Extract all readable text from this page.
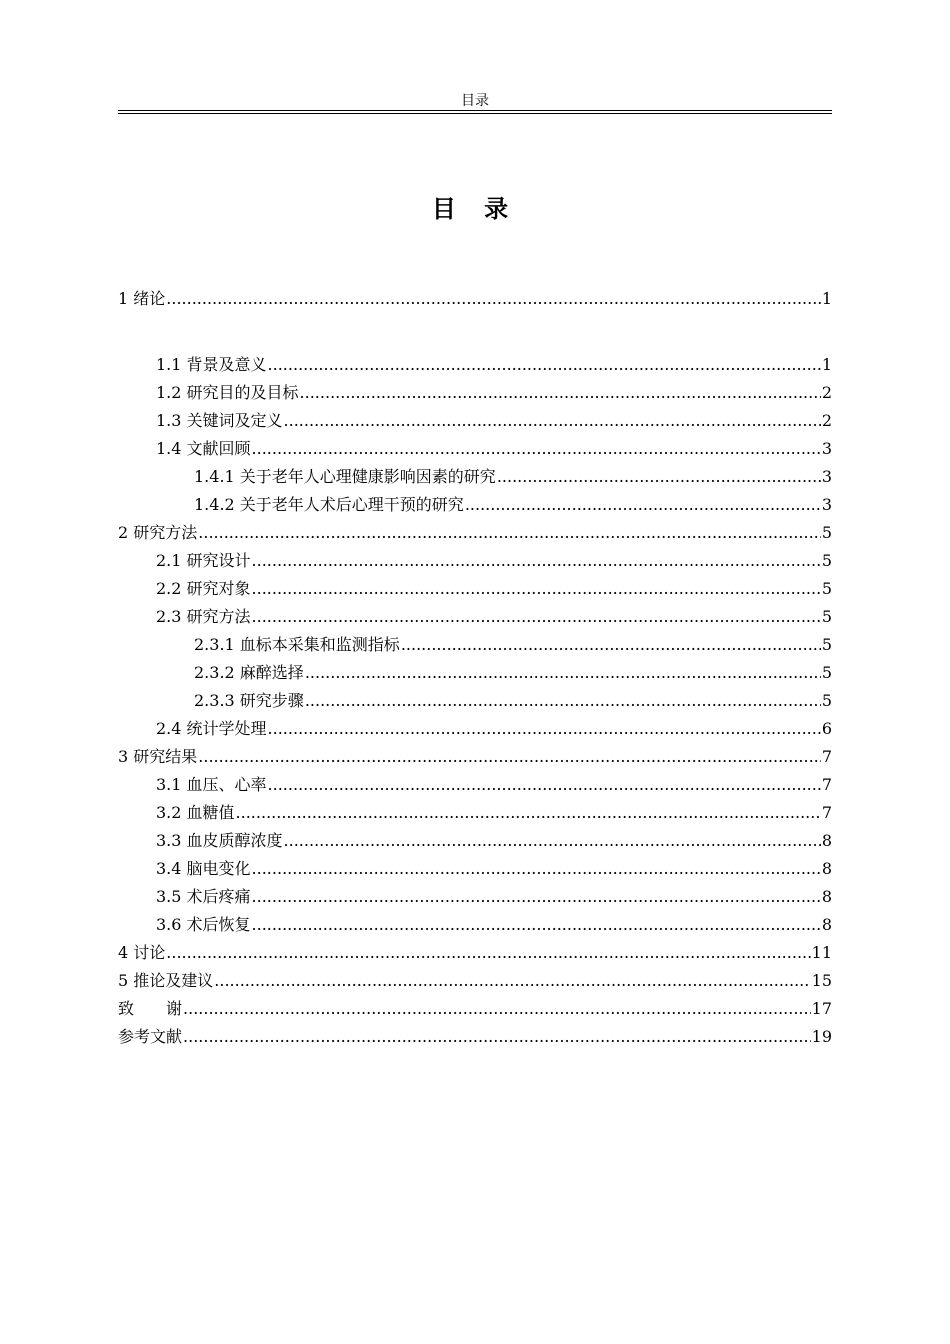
目录
目 录
1 绪论 .....	1
1.1 背景及意义 .....	1
1.2 研究目的及目标 .....	2
1.3 关键词及定义 .....	2
1.4 文献回顾 .....	3
1.4.1 关于老年人心理健康影响因素的研究 .....	3
1.4.2 关于老年人术后心理干预的研究 .....	3
2 研究方法 .....	5
2.1 研究设计 .....	5
2.2 研究对象 .....	5
2.3 研究方法 .....	5
2.3.1 血标本采集和监测指标 .....	5
2.3.2 麻醉选择 .....	5
2.3.3 研究步骤 .....	5
2.4 统计学处理 .....	6
3 研究结果 .....	7
3.1 血压、心率 .....	7
3.2 血糖值 .....	7
3.3 血皮质醇浓度 .....	8
3.4 脑电变化 .....	8
3.5 术后疼痛 .....	8
3.6 术后恢复 .....	8
4 讨论 .....	11
5 推论及建议 .....	15
致　　谢 .....	17
参考文献 .....	19
